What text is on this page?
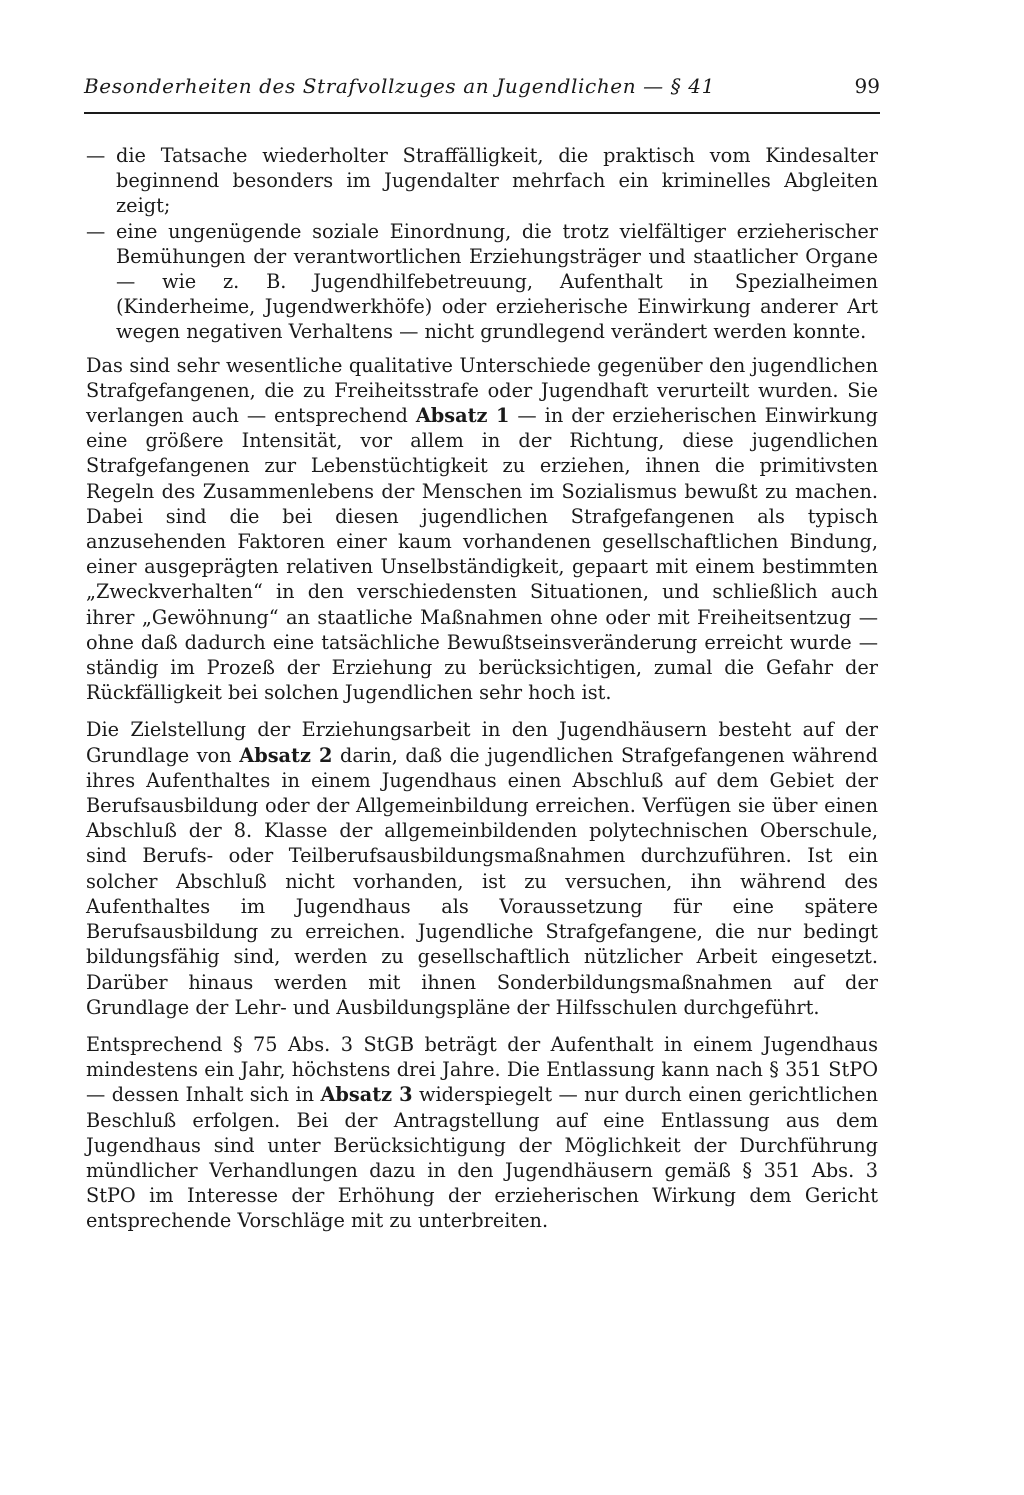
Besonderheiten des Strafvollzuges an Jugendlichen — § 41	99
— die Tatsache wiederholter Straffälligkeit, die praktisch vom Kindesalter beginnend besonders im Jugendalter mehrfach ein kriminelles Abgleiten zeigt;
— eine ungenügende soziale Einordnung, die trotz vielfältiger erzieherischer Bemühungen der verantwortlichen Erziehungsträger und staatlicher Organe — wie z. B. Jugendhilfebetreuung, Aufenthalt in Spezialheimen (Kinderheime, Jugendwerkhöfe) oder erzieherische Einwirkung anderer Art wegen negativen Verhaltens — nicht grundlegend verändert werden konnte.

Das sind sehr wesentliche qualitative Unterschiede gegenüber den jugendlichen Strafgefangenen, die zu Freiheitsstrafe oder Jugendhaft verurteilt wurden. Sie verlangen auch — entsprechend Absatz 1 — in der erzieherischen Einwirkung eine größere Intensität, vor allem in der Richtung, diese jugendlichen Strafgefangenen zur Lebenstüchtigkeit zu erziehen, ihnen die primitivsten Regeln des Zusammenlebens der Menschen im Sozialismus bewußt zu machen. Dabei sind die bei diesen jugendlichen Strafgefangenen als typisch anzusehenden Faktoren einer kaum vorhandenen gesellschaftlichen Bindung, einer ausgeprägten relativen Unselbständigkeit, gepaart mit einem bestimmten „Zweckverhalten“ in den verschiedensten Situationen, und schließlich auch ihrer „Gewöhnung“ an staatliche Maßnahmen ohne oder mit Freiheitsentzug — ohne daß dadurch eine tatsächliche Bewußtseinsveränderung erreicht wurde — ständig im Prozeß der Erziehung zu berücksichtigen, zumal die Gefahr der Rückfälligkeit bei solchen Jugendlichen sehr hoch ist.

Die Zielstellung der Erziehungsarbeit in den Jugendhäusern besteht auf der Grundlage von Absatz 2 darin, daß die jugendlichen Strafgefangenen während ihres Aufenthaltes in einem Jugendhaus einen Abschluß auf dem Gebiet der Berufsausbildung oder der Allgemeinbildung erreichen. Verfügen sie über einen Abschluß der 8. Klasse der allgemeinbildenden polytechnischen Oberschule, sind Berufs- oder Teilberufsausbildungsmaßnahmen durchzuführen. Ist ein solcher Abschluß nicht vorhanden, ist zu versuchen, ihn während des Aufenthaltes im Jugendhaus als Voraussetzung für eine spätere Berufsausbildung zu erreichen. Jugendliche Strafgefangene, die nur bedingt bildungsfähig sind, werden zu gesellschaftlich nützlicher Arbeit eingesetzt. Darüber hinaus werden mit ihnen Sonderbildungsmaßnahmen auf der Grundlage der Lehr- und Ausbildungspläne der Hilfsschulen durchgeführt.

Entsprechend § 75 Abs. 3 StGB beträgt der Aufenthalt in einem Jugendhaus mindestens ein Jahr, höchstens drei Jahre. Die Entlassung kann nach § 351 StPO — dessen Inhalt sich in Absatz 3 widerspiegelt — nur durch einen gerichtlichen Beschluß erfolgen. Bei der Antragstellung auf eine Entlassung aus dem Jugendhaus sind unter Berücksichtigung der Möglichkeit der Durchführung mündlicher Verhandlungen dazu in den Jugendhäusern gemäß § 351 Abs. 3 StPO im Interesse der Erhöhung der erzieherischen Wirkung dem Gericht entsprechende Vorschläge mit zu unterbreiten.
